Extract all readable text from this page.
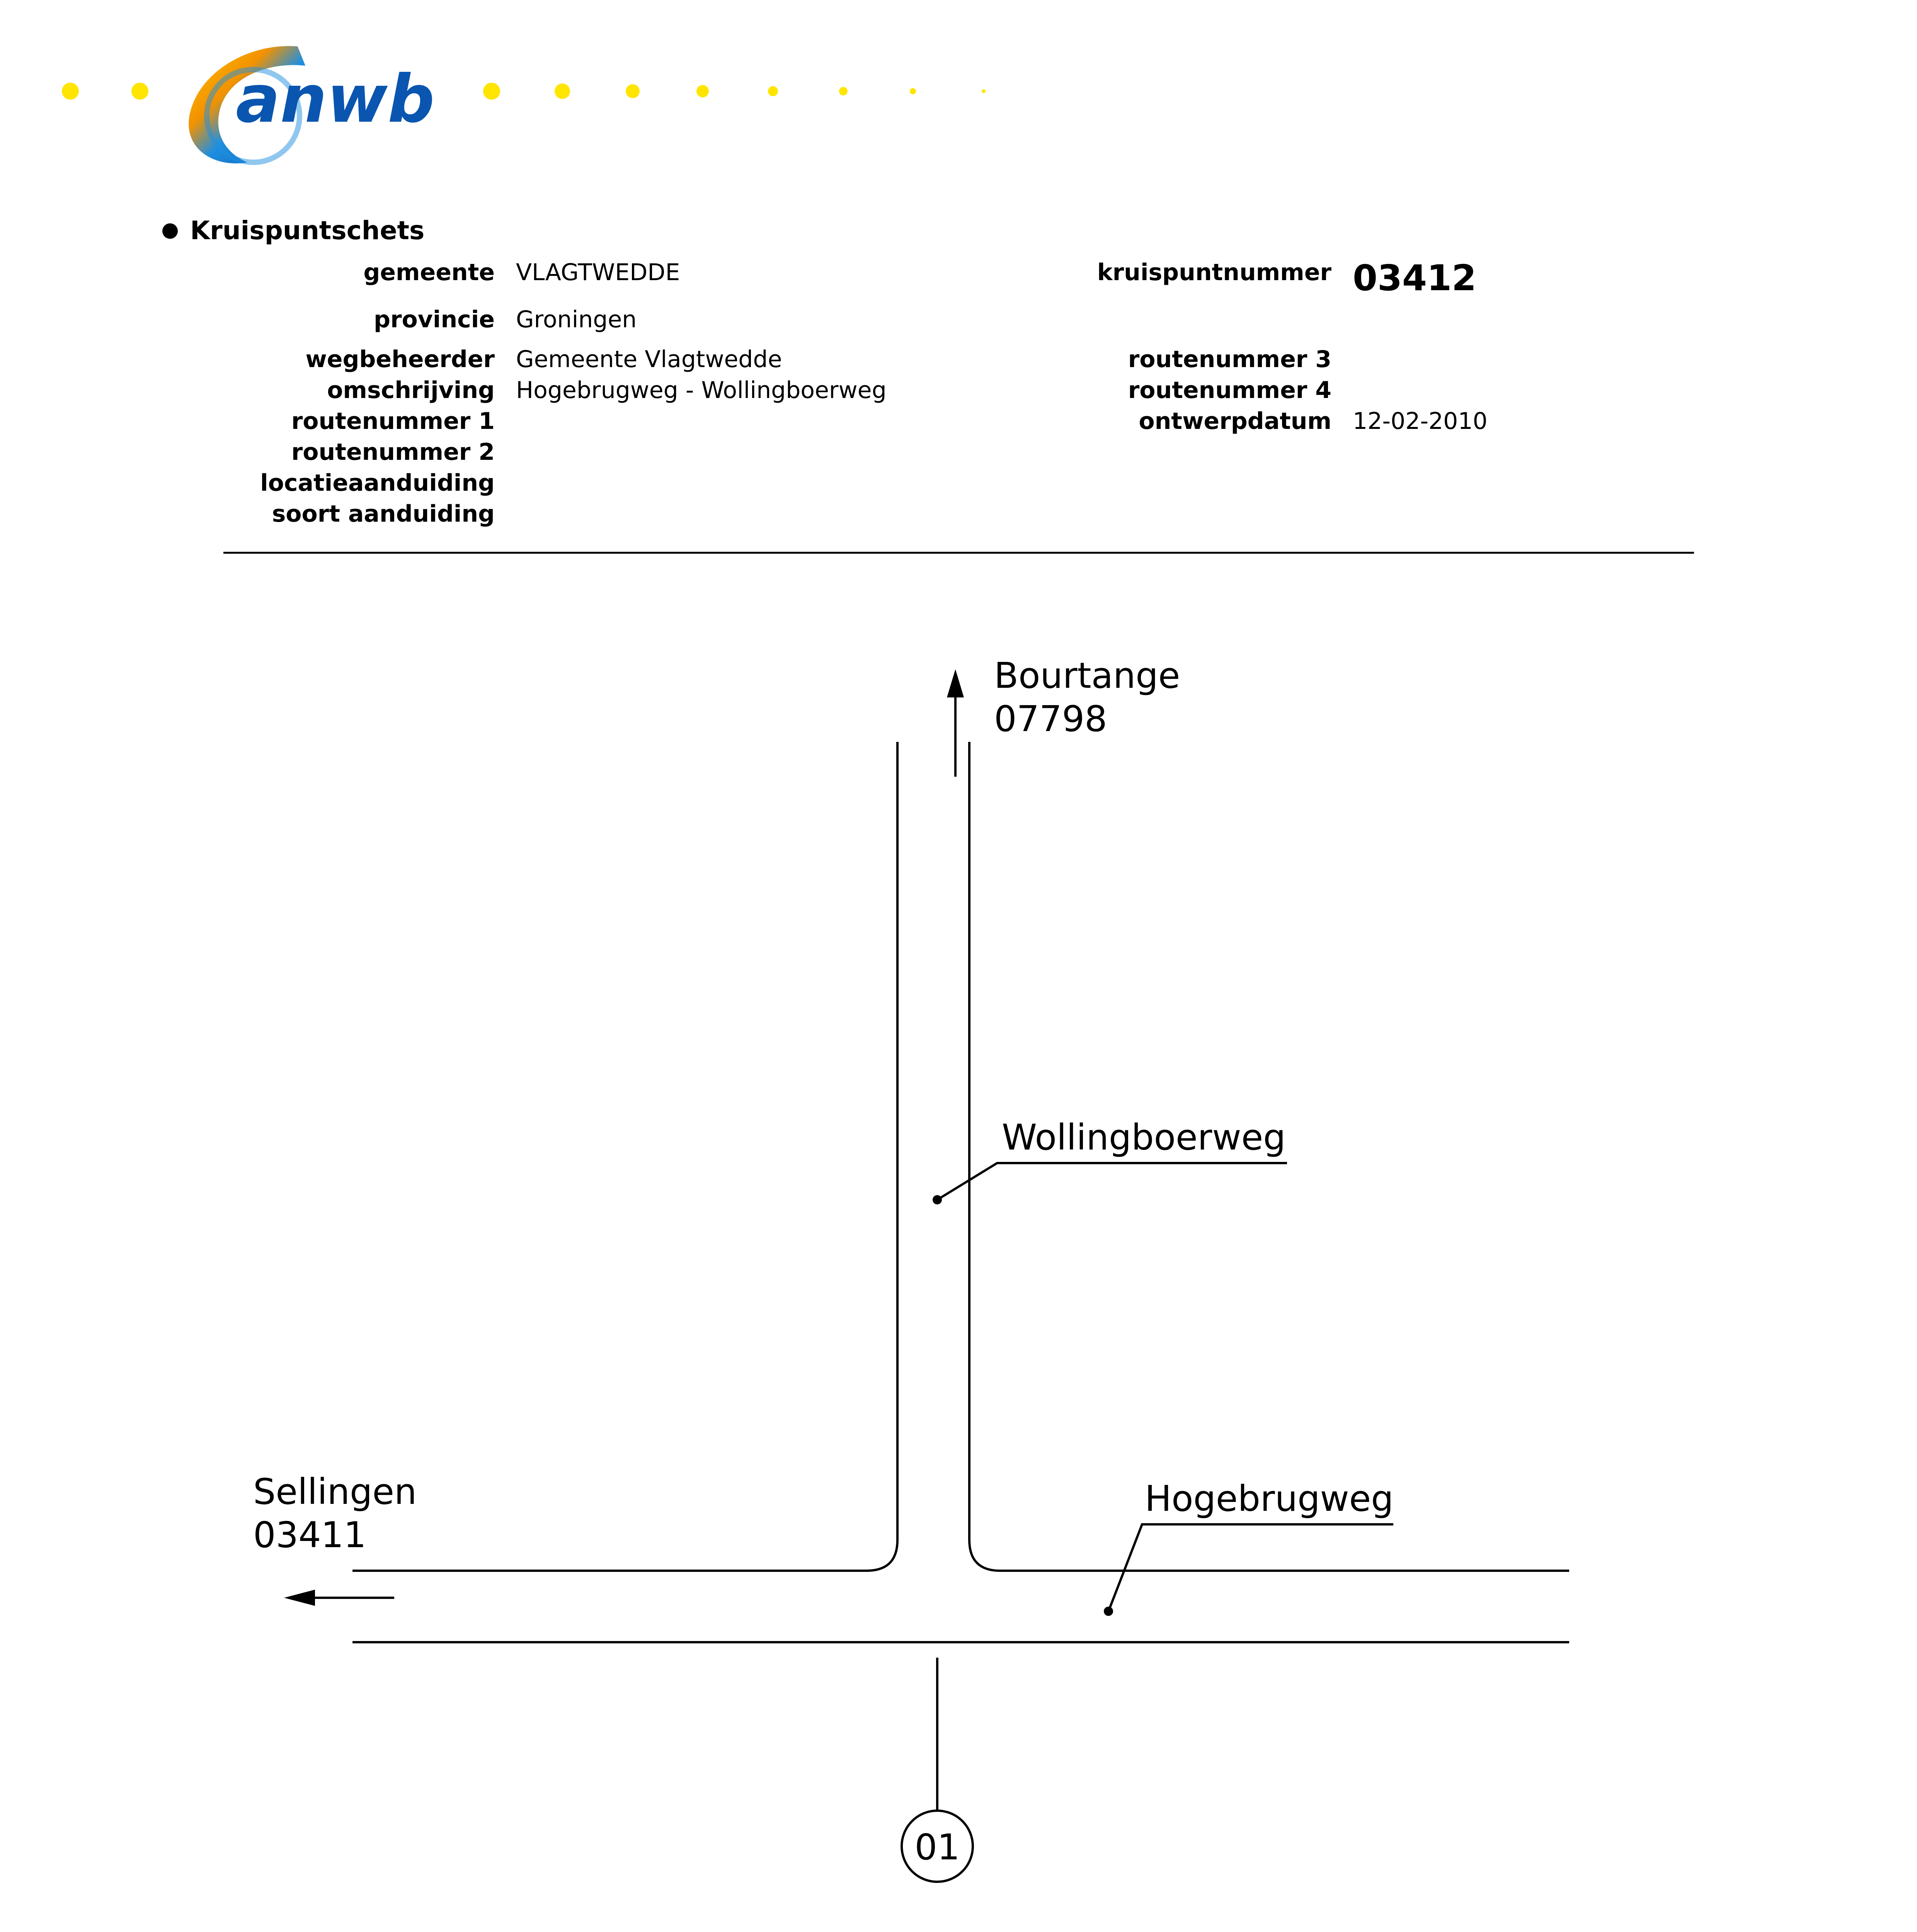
anwb
Kruispuntschets
gemeente VLAGTWEDDE
provincie Groningen
wegbeheerder Gemeente Vlagtwedde
omschrijving Hogebrugweg - Wollingboerweg
routenummer 1
routenummer 2
locatieaanduiding
soort aanduiding
kruispuntnummer 03412
routenummer 3
routenummer 4
ontwerpdatum 12-02-2010
Bourtange
07798
Sellingen
03411
Wollingboerweg
Hogebrugweg
01
